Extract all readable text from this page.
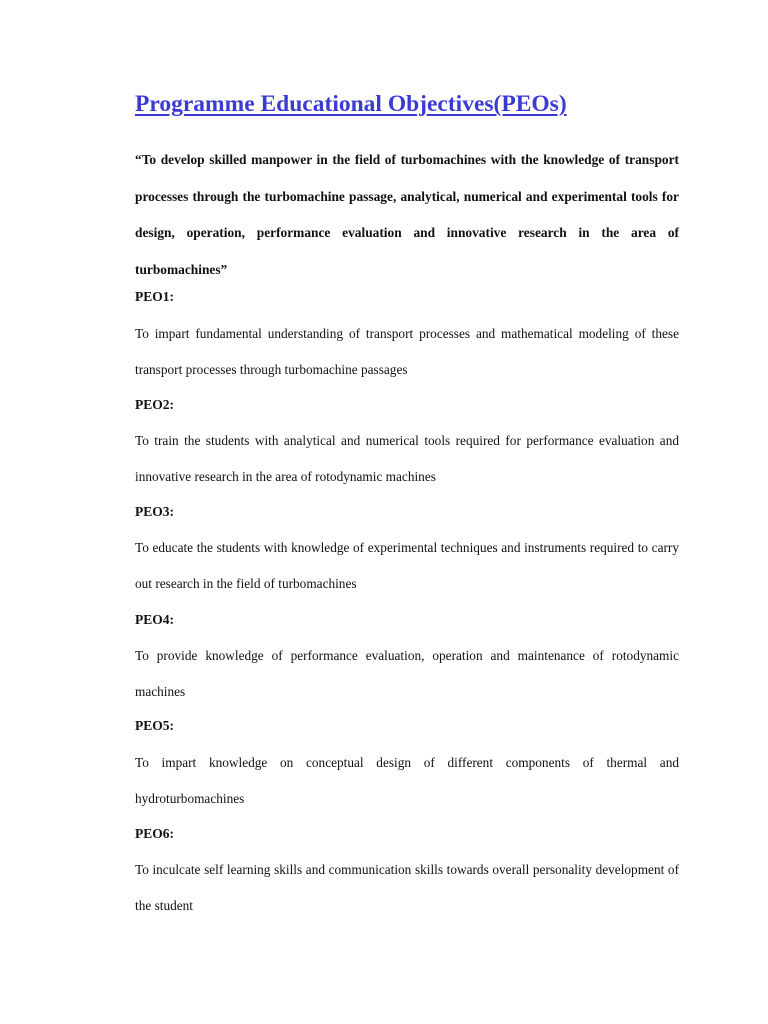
Programme Educational Objectives(PEOs)

“To develop skilled manpower in the field of turbomachines with the knowledge of transport processes through the turbomachine passage, analytical, numerical and experimental tools for design, operation, performance evaluation and innovative research in the area of turbomachines”

PEO1:

To impart fundamental understanding of transport processes and mathematical modeling of these transport processes through turbomachine passages

PEO2:

To train the students with analytical and numerical tools required for performance evaluation and innovative research in the area of rotodynamic machines

PEO3:

To educate the students with knowledge of experimental techniques and instruments required to carry out research in the field of turbomachines

PEO4:

To provide knowledge of performance evaluation, operation and maintenance of rotodynamic machines

PEO5:

To impart knowledge on conceptual design of different components of thermal and hydroturbomachines

PEO6:

To inculcate self learning skills and communication skills towards overall personality development of the student
